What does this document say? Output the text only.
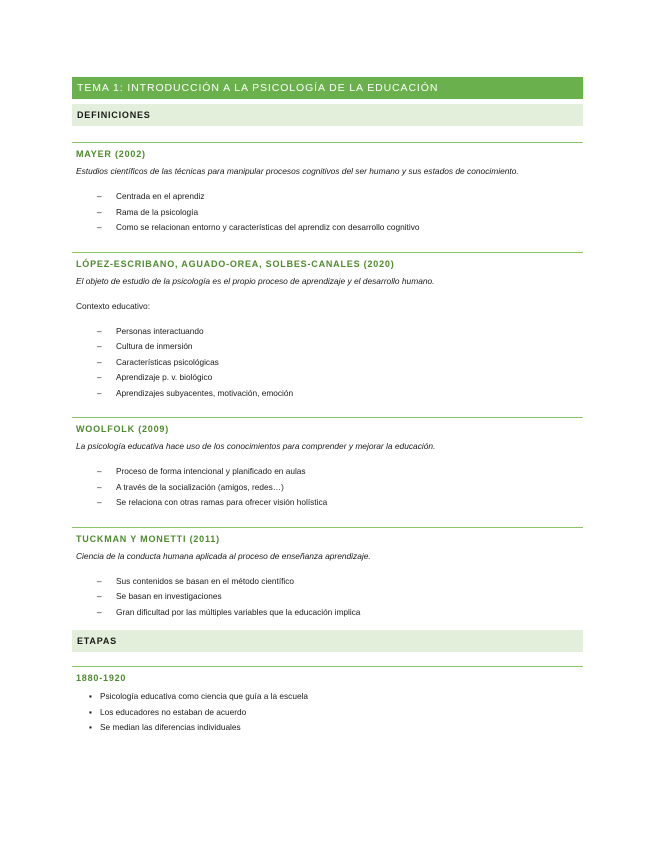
TEMA 1: INTRODUCCIÓN A LA PSICOLOGÍA DE LA EDUCACIÓN
DEFINICIONES
MAYER (2002)
Estudios científicos de las técnicas para manipular procesos cognitivos del ser humano y sus estados de conocimiento.
– Centrada en el aprendiz
– Rama de la psicología
– Como se relacionan entorno y características del aprendiz con desarrollo cognitivo
LÓPEZ-ESCRIBANO, AGUADO-OREA, SOLBES-CANALES (2020)
El objeto de estudio de la psicología es el propio proceso de aprendizaje y el desarrollo humano.
Contexto educativo:
– Personas interactuando
– Cultura de inmersión
– Características psicológicas
– Aprendizaje p. v. biológico
– Aprendizajes subyacentes, motivación, emoción
WOOLFOLK (2009)
La psicología educativa hace uso de los conocimientos para comprender y mejorar la educación.
– Proceso de forma intencional y planificado en aulas
– A través de la socialización (amigos, redes…)
– Se relaciona con otras ramas para ofrecer visión holística
TUCKMAN Y MONETTI (2011)
Ciencia de la conducta humana aplicada al proceso de enseñanza aprendizaje.
– Sus contenidos se basan en el método científico
– Se basan en investigaciones
– Gran dificultad por las múltiples variables que la educación implica
ETAPAS
1880-1920
▪ Psicología educativa como ciencia que guía a la escuela
▪ Los educadores no estaban de acuerdo
▪ Se median las diferencias individuales
